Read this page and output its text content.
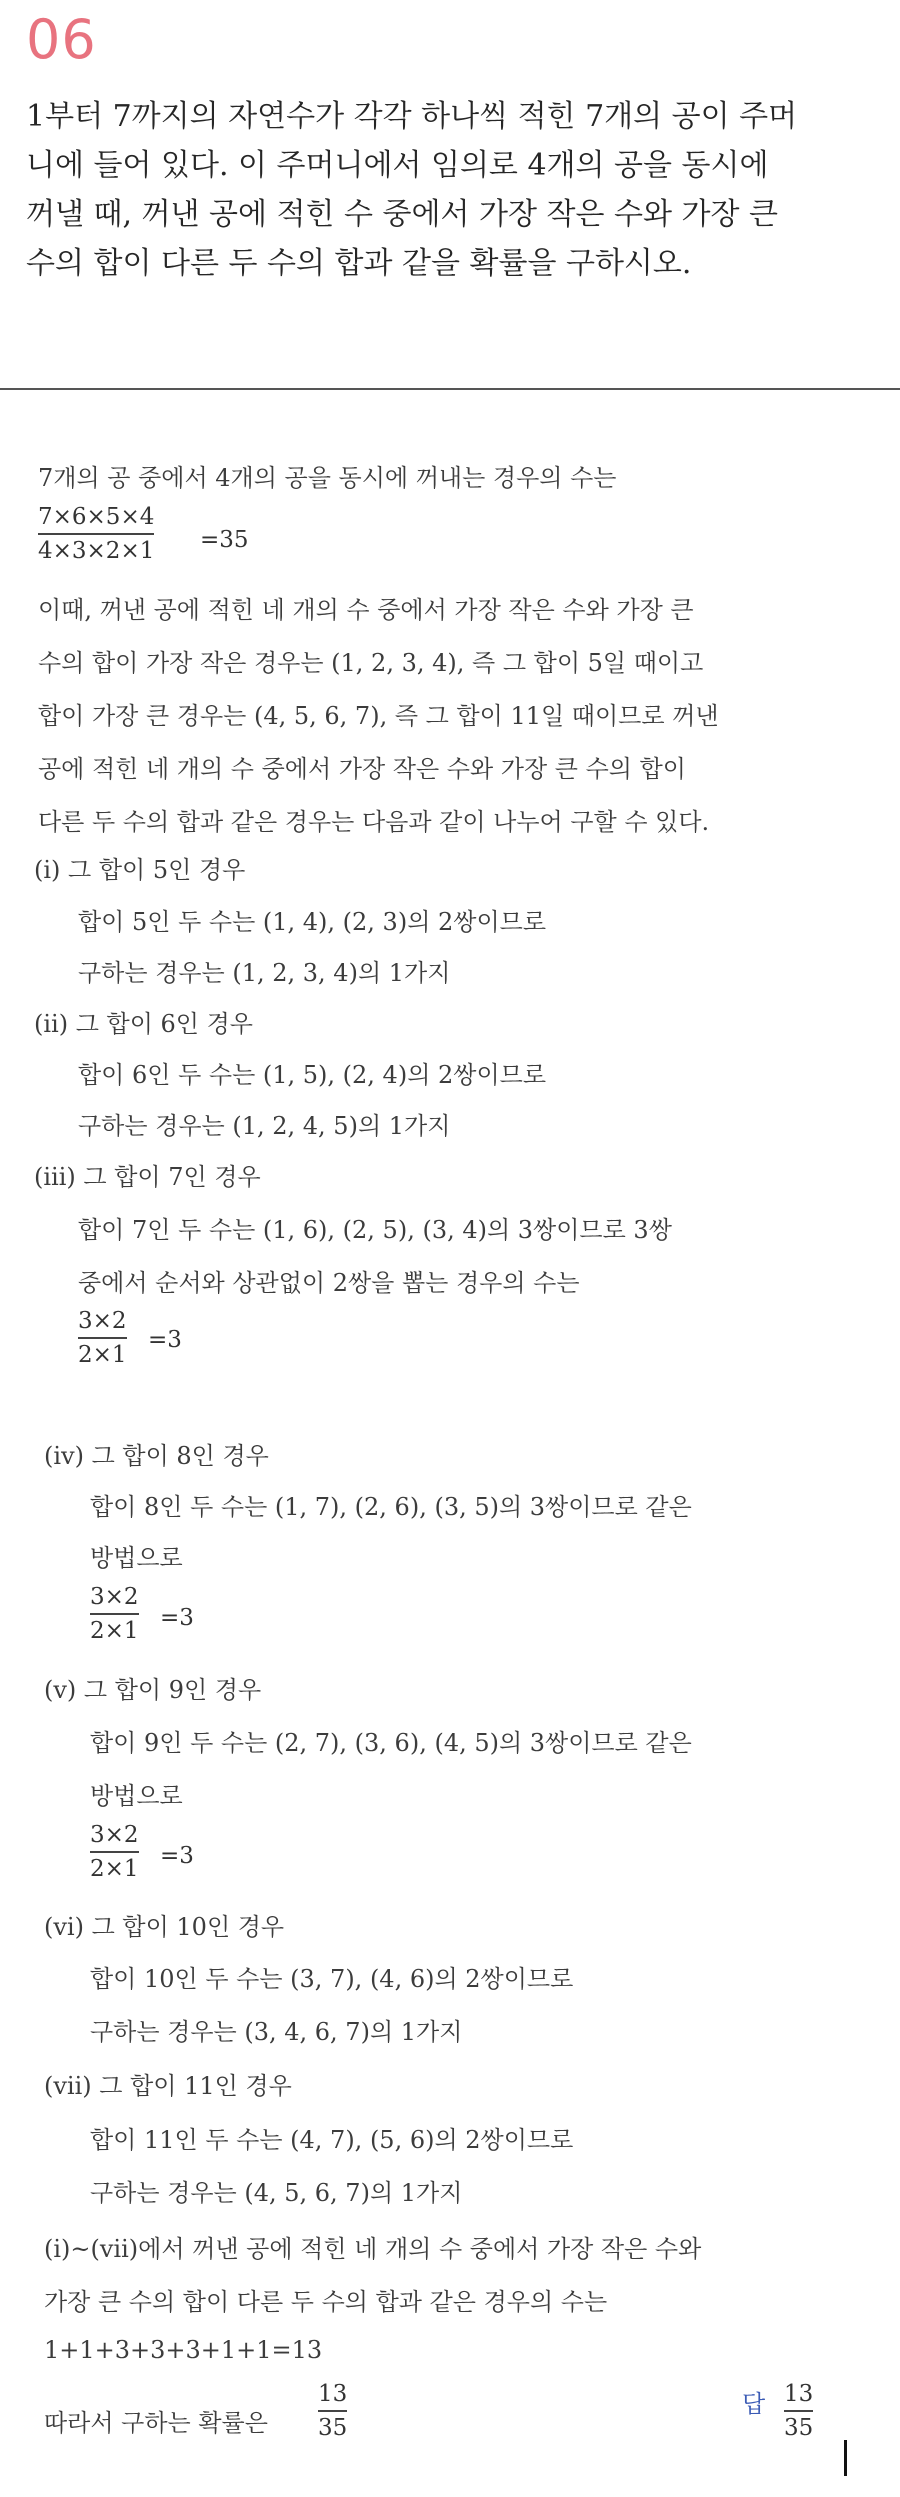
06
1부터 7까지의 자연수가 각각 하나씩 적힌 7개의 공이 주머
니에 들어 있다. 이 주머니에서 임의로 4개의 공을 동시에
꺼낼 때, 꺼낸 공에 적힌 수 중에서 가장 작은 수와 가장 큰
수의 합이 다른 두 수의 합과 같을 확률을 구하시오.
7개의 공 중에서 4개의 공을 동시에 꺼내는 경우의 수는
7×6×5×4
4×3×2×1 =35
이때, 꺼낸 공에 적힌 네 개의 수 중에서 가장 작은 수와 가장 큰
수의 합이 가장 작은 경우는 (1, 2, 3, 4), 즉 그 합이 5일 때이고
합이 가장 큰 경우는 (4, 5, 6, 7), 즉 그 합이 11일 때이므로 꺼낸
공에 적힌 네 개의 수 중에서 가장 작은 수와 가장 큰 수의 합이
다른 두 수의 합과 같은 경우는 다음과 같이 나누어 구할 수 있다.
(ⅰ) 그 합이 5인 경우
합이 5인 두 수는 (1, 4), (2, 3)의 2쌍이므로
구하는 경우는 (1, 2, 3, 4)의 1가지
(ⅱ) 그 합이 6인 경우
합이 6인 두 수는 (1, 5), (2, 4)의 2쌍이므로
구하는 경우는 (1, 2, 4, 5)의 1가지
(ⅲ) 그 합이 7인 경우
합이 7인 두 수는 (1, 6), (2, 5), (3, 4)의 3쌍이므로 3쌍
중에서 순서와 상관없이 2쌍을 뽑는 경우의 수는
3×2
2×1
=3
(ⅳ) 그 합이 8인 경우
합이 8인 두 수는 (1, 7), (2, 6), (3, 5)의 3쌍이므로 같은
방법으로
3×2
2×1 =3
(ⅴ) 그 합이 9인 경우
합이 9인 두 수는 (2, 7), (3, 6), (4, 5)의 3쌍이므로 같은
방법으로
3×2
2×1 =3
(ⅵ) 그 합이 10인 경우
합이 10인 두 수는 (3, 7), (4, 6)의 2쌍이므로
구하는 경우는 (3, 4, 6, 7)의 1가지
(ⅶ) 그 합이 11인 경우
합이 11인 두 수는 (4, 7), (5, 6)의 2쌍이므로
구하는 경우는 (4, 5, 6, 7)의 1가지
(ⅰ)~(ⅶ)에서 꺼낸 공에 적힌 네 개의 수 중에서 가장 작은 수와
가장 큰 수의 합이 다른 두 수의 합과 같은 경우의 수는
1+1+3+3+3+1+1=13
따라서 구하는 확률은
13
35
답 13
35
